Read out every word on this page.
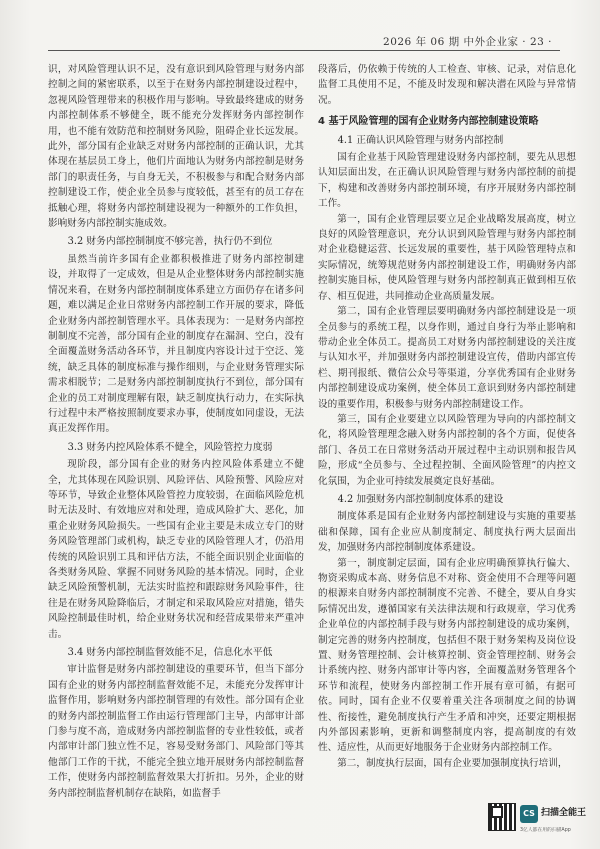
2026 年 06 期 中外企业家 · 23 ·

识，对风险管理认识不足，没有意识到风险管理与财务内部控制之间的紧密联系，以至于在财务内部控制建设过程中，忽视风险管理带来的积极作用与影响。导致最终建成的财务内部控制体系不够健全，既不能充分发挥财务内部控制作用，也不能有效防范和控制财务风险，阻碍企业长远发展。此外，部分国有企业缺乏对财务内部控制的正确认识，尤其体现在基层员工身上，他们片面地认为财务内部控制是财务部门的职责任务，与自身无关，不积极参与和配合财务内部控制建设工作，使企业全员参与度较低，甚至有的员工存在抵触心理，将财务内部控制建设视为一种额外的工作负担，影响财务内部控制实施成效。

3.2 财务内部控制制度不够完善，执行仍不到位

虽然当前许多国有企业都积极推进了财务内部控制建设，并取得了一定成效，但是从企业整体财务内部控制实施情况来看，在财务内部控制制度体系建立方面仍存在诸多问题，难以满足企业日常财务内部控制工作开展的要求，降低企业财务内部控制管理水平。具体表现为：一是财务内部控制制度不完善，部分国有企业的制度存在漏洞、空白，没有全面覆盖财务活动各环节，并且制度内容设计过于空泛、笼统，缺乏具体的制度标准与操作细则，与企业财务管理实际需求相脱节；二是财务内部控制制度执行不到位，部分国有企业的员工对制度理解有限，缺乏制度执行动力，在实际执行过程中未严格按照制度要求办事，使制度如同虚设，无法真正发挥作用。

3.3 财务内控风险体系不健全，风险管控力度弱

现阶段，部分国有企业的财务内控风险体系建立不健全，尤其体现在风险识别、风险评估、风险预警、风险应对等环节，导致企业整体风险管控力度较弱，在面临风险危机时无法及时、有效地应对和处理，造成风险扩大、恶化，加重企业财务风险损失。一些国有企业主要是未成立专门的财务风险管理部门或机构，缺乏专业的风险管理人才，仍沿用传统的风险识别工具和评估方法，不能全面识别企业面临的各类财务风险、掌握不同财务风险的基本情况。同时，企业缺乏风险预警机制，无法实时监控和跟踪财务风险事件，往往是在财务风险降临后，才制定和采取风险应对措施，错失风险控制最佳时机，给企业财务状况和经营成果带来严重冲击。

3.4 财务内部控制监督效能不足，信息化水平低

审计监督是财务内部控制建设的重要环节，但当下部分国有企业的财务内部控制监督效能不足，未能充分发挥审计监督作用，影响财务内部控制管理的有效性。部分国有企业的财务内部控制监督工作由运行管理部门主导，内部审计部门参与度不高，造成财务内部控制监督的专业性较低，或者内部审计部门独立性不足，容易受财务部门、风险部门等其他部门工作的干扰，不能完全独立地开展财务内部控制监督工作，使财务内部控制监督效果大打折扣。另外，企业的财务内部控制监督机制存在缺陷，如监督手

段落后，仍依赖于传统的人工检查、审核、记录，对信息化监督工具使用不足，不能及时发现和解决潜在风险与异常情况。

4 基于风险管理的国有企业财务内部控制建设策略
4.1 正确认识风险管理与财务内部控制

国有企业基于风险管理建设财务内部控制，要先从思想认知层面出发，在正确认识风险管理与财务内部控制的前提下，构建和改善财务内部控制环境，有序开展财务内部控制工作。

第一，国有企业管理层要立足企业战略发展高度，树立良好的风险管理意识，充分认识到风险管理与财务内部控制对企业稳健运营、长远发展的重要性，基于风险管理特点和实际情况，统筹规范财务内部控制建设工作，明确财务内部控制实施目标，使风险管理与财务内部控制真正做到相互依存、相互促进，共同推动企业高质量发展。

第二，国有企业管理层要明确财务内部控制建设是一项全员参与的系统工程，以身作则，通过自身行为举止影响和带动企业全体员工。提高员工对财务内部控制建设的关注度与认知水平，并加强财务内部控制建设宣传，借助内部宣传栏、期刊报纸、微信公众号等渠道，分享优秀国有企业财务内部控制建设成功案例，使全体员工意识到财务内部控制建设的重要作用，积极参与财务内部控制建设工作。

第三，国有企业要建立以风险管理为导向的内部控制文化，将风险管理理念融入财务内部控制的各个方面，促使各部门、各员工在日常财务活动开展过程中主动识别和报告风险，形成“全员参与、全过程控制、全面风险管理”的内控文化氛围，为企业可持续发展奠定良好基础。

4.2 加强财务内部控制制度体系的建设

制度体系是国有企业财务内部控制建设与实施的重要基础和保障，国有企业应从制度制定、制度执行两大层面出发，加强财务内部控制制度体系建设。

第一，制度制定层面，国有企业应明确预算执行偏大、物资采购成本高、财务信息不对称、资金使用不合理等问题的根源来自财务内部控制制度不完善、不健全，要从自身实际情况出发，遵循国家有关法律法规和行政规章，学习优秀企业单位的内部控制手段与财务内部控制建设的成功案例，制定完善的财务内控制度，包括但不限于财务架构及岗位设置、财务管理控制、会计核算控制、资金管理控制、财务会计系统内控、财务内部审计等内容，全面覆盖财务管理各个环节和流程，使财务内部控制工作开展有章可循，有据可依。同时，国有企业不仅要着重关注各项制度之间的协调性、衔接性，避免制度执行产生矛盾和冲突，还要定期根据内外部因素影响，更新和调整制度内容，提高制度的有效性、适应性，从而更好地服务于企业财务内部控制工作。

第二，制度执行层面，国有企业要加强制度执行培训，

CS 扫描全能王
3亿人都在用的扫描App
